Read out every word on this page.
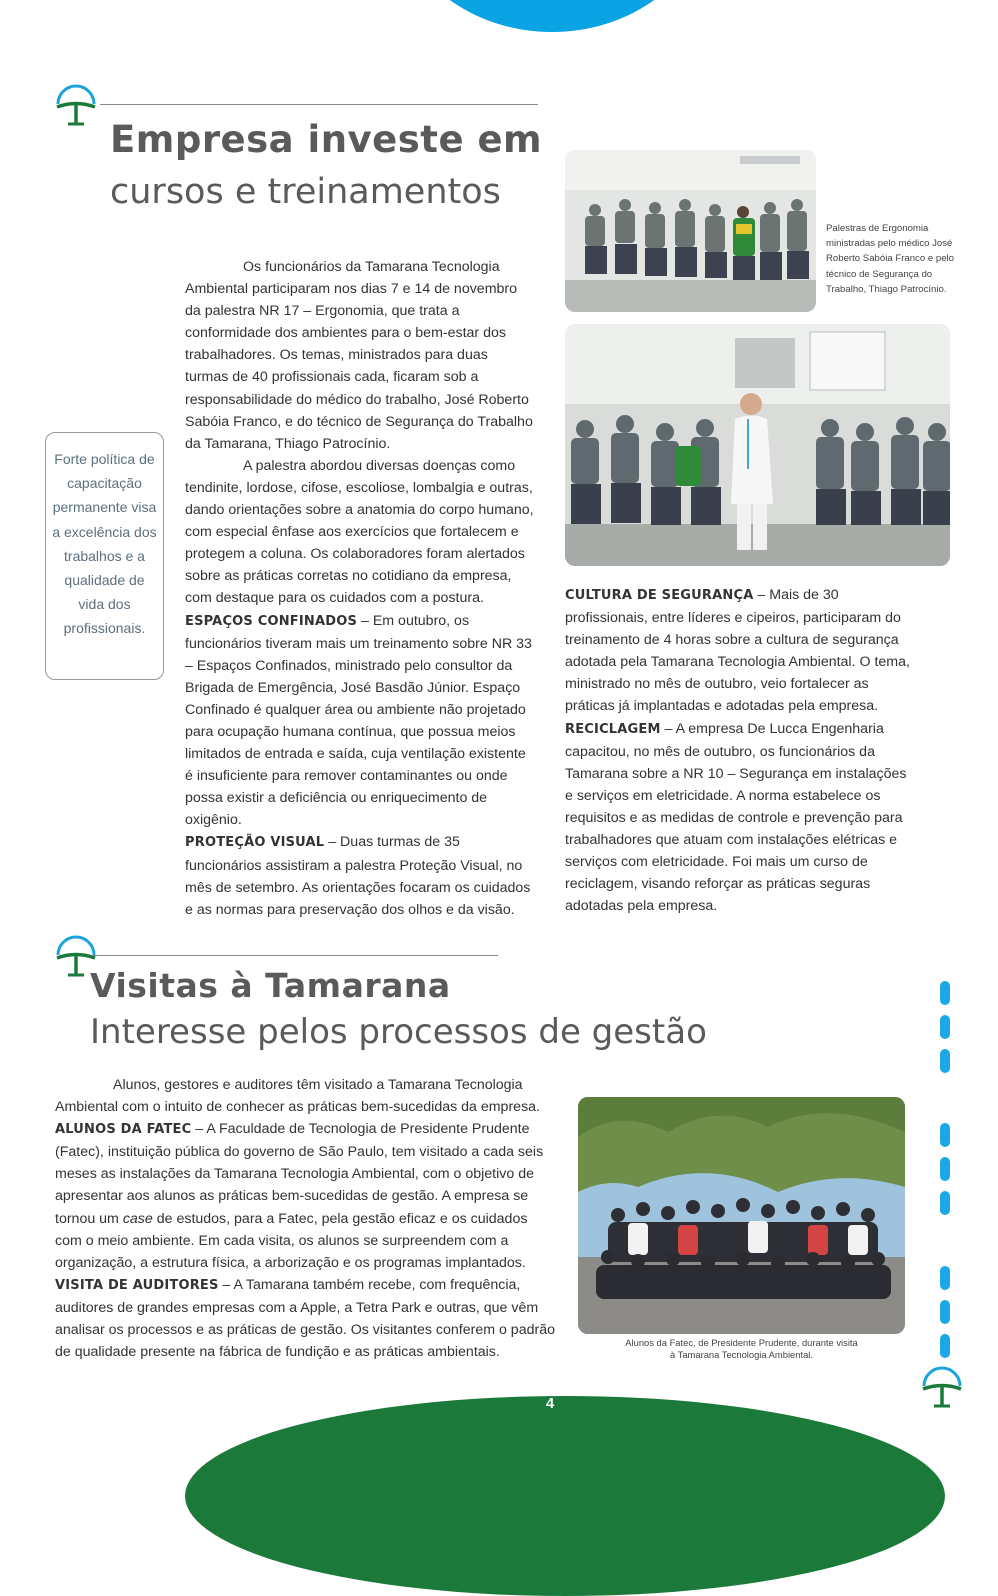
4
Empresa investe em
cursos e treinamentos
Forte política de capacitação permanente visa a excelência dos trabalhos e a qualidade de vida dos profissionais.

Os funcionários da Tamarana Tecnologia Ambiental participaram nos dias 7 e 14 de novembro da palestra NR 17 – Ergonomia, que trata a conformidade dos ambientes para o bem-estar dos trabalhadores. Os temas, ministrados para duas turmas de 40 profissionais cada, ficaram sob a responsabilidade do médico do trabalho, José Roberto Sabóia Franco, e do técnico de Segurança do Trabalho da Tamarana, Thiago Patrocínio.

A palestra abordou diversas doenças como tendinite, lordose, cifose, escoliose, lombalgia e outras, dando orientações sobre a anatomia do corpo humano, com especial ênfase aos exercícios que fortalecem e protegem a coluna. Os colaboradores foram alertados sobre as práticas corretas no cotidiano da empresa, com destaque para os cuidados com a postura.

ESPAÇOS CONFINADOS – Em outubro, os funcionários tiveram mais um treinamento sobre NR 33 – Espaços Confinados, ministrado pelo consultor da Brigada de Emergência, José Basdão Júnior. Espaço Confinado é qualquer área ou ambiente não projetado para ocupação humana contínua, que possua meios limitados de entrada e saída, cuja ventilação existente é insuficiente para remover contaminantes ou onde possa existir a deficiência ou enriquecimento de oxigênio.

PROTEÇÃO VISUAL – Duas turmas de 35 funcionários assistiram a palestra Proteção Visual, no mês de setembro. As orientações focaram os cuidados e as normas para preservação dos olhos e da visão.

Palestras de Ergonomia ministradas pelo médico José Roberto Sabóia Franco e pelo técnico de Segurança do Trabalho, Thiago Patrocínio.

CULTURA DE SEGURANÇA – Mais de 30 profissionais, entre líderes e cipeiros, participaram do treinamento de 4 horas sobre a cultura de segurança adotada pela Tamarana Tecnologia Ambiental. O tema, ministrado no mês de outubro, veio fortalecer as práticas já implantadas e adotadas pela empresa.

RECICLAGEM – A empresa De Lucca Engenharia capacitou, no mês de outubro, os funcionários da Tamarana sobre a NR 10 – Segurança em instalações e serviços em eletricidade. A norma estabelece os requisitos e as medidas de controle e prevenção para trabalhadores que atuam com instalações elétricas e serviços com eletricidade. Foi mais um curso de reciclagem, visando reforçar as práticas seguras adotadas pela empresa.

Visitas à Tamarana
Interesse pelos processos de gestão

Alunos, gestores e auditores têm visitado a Tamarana Tecnologia Ambiental com o intuito de conhecer as práticas bem-sucedidas da empresa.

ALUNOS DA FATEC – A Faculdade de Tecnologia de Presidente Prudente (Fatec), instituição pública do governo de São Paulo, tem visitado a cada seis meses as instalações da Tamarana Tecnologia Ambiental, com o objetivo de apresentar aos alunos as práticas bem-sucedidas de gestão. A empresa se tornou um case de estudos, para a Fatec, pela gestão eficaz e os cuidados com o meio ambiente. Em cada visita, os alunos se surpreendem com a organização, a estrutura física, a arborização e os programas implantados.

VISITA DE AUDITORES – A Tamarana também recebe, com frequência, auditores de grandes empresas com a Apple, a Tetra Park e outras, que vêm analisar os processos e as práticas de gestão. Os visitantes conferem o padrão de qualidade presente na fábrica de fundição e as práticas ambientais.

Alunos da Fatec, de Presidente Prudente, durante visita
à Tamarana Tecnologia Ambiental.
